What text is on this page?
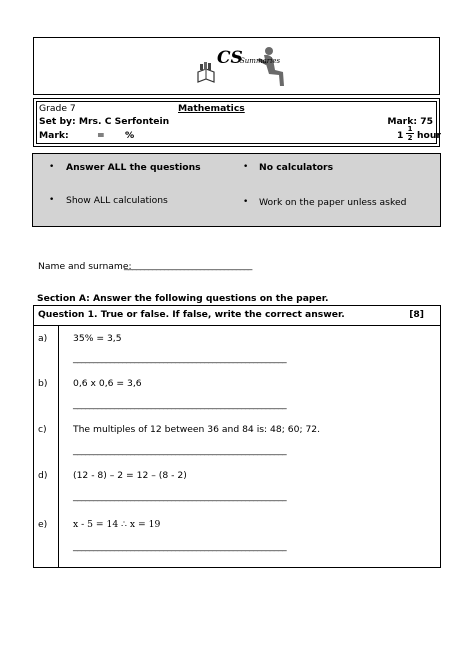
CS
Summaries
Grade 7	Mathematics
Set by: Mrs. C Serfontein	Mark: 75
Mark:	= %	$1 \frac{1}{2}$ hour
• Answer ALL the questions	• No calculators
• Show ALL calculations	• Work on the paper unless asked
Name and surname:
________________________________
Section A: Answer the following questions on the paper.
Question 1. True or false. If false, write the correct answer.	[8]
a)	35% = 3,5
____________________________________________________
b)	0,6 x 0,6 = 3,6
____________________________________________________
c)	The multiples of 12 between 36 and 84 is: 48; 60; 72.
____________________________________________________
d)	(12 - 8) – 2 = 12 – (8 - 2)
____________________________________________________
e)	x - 5 = 14 ∴ x = 19
____________________________________________________
